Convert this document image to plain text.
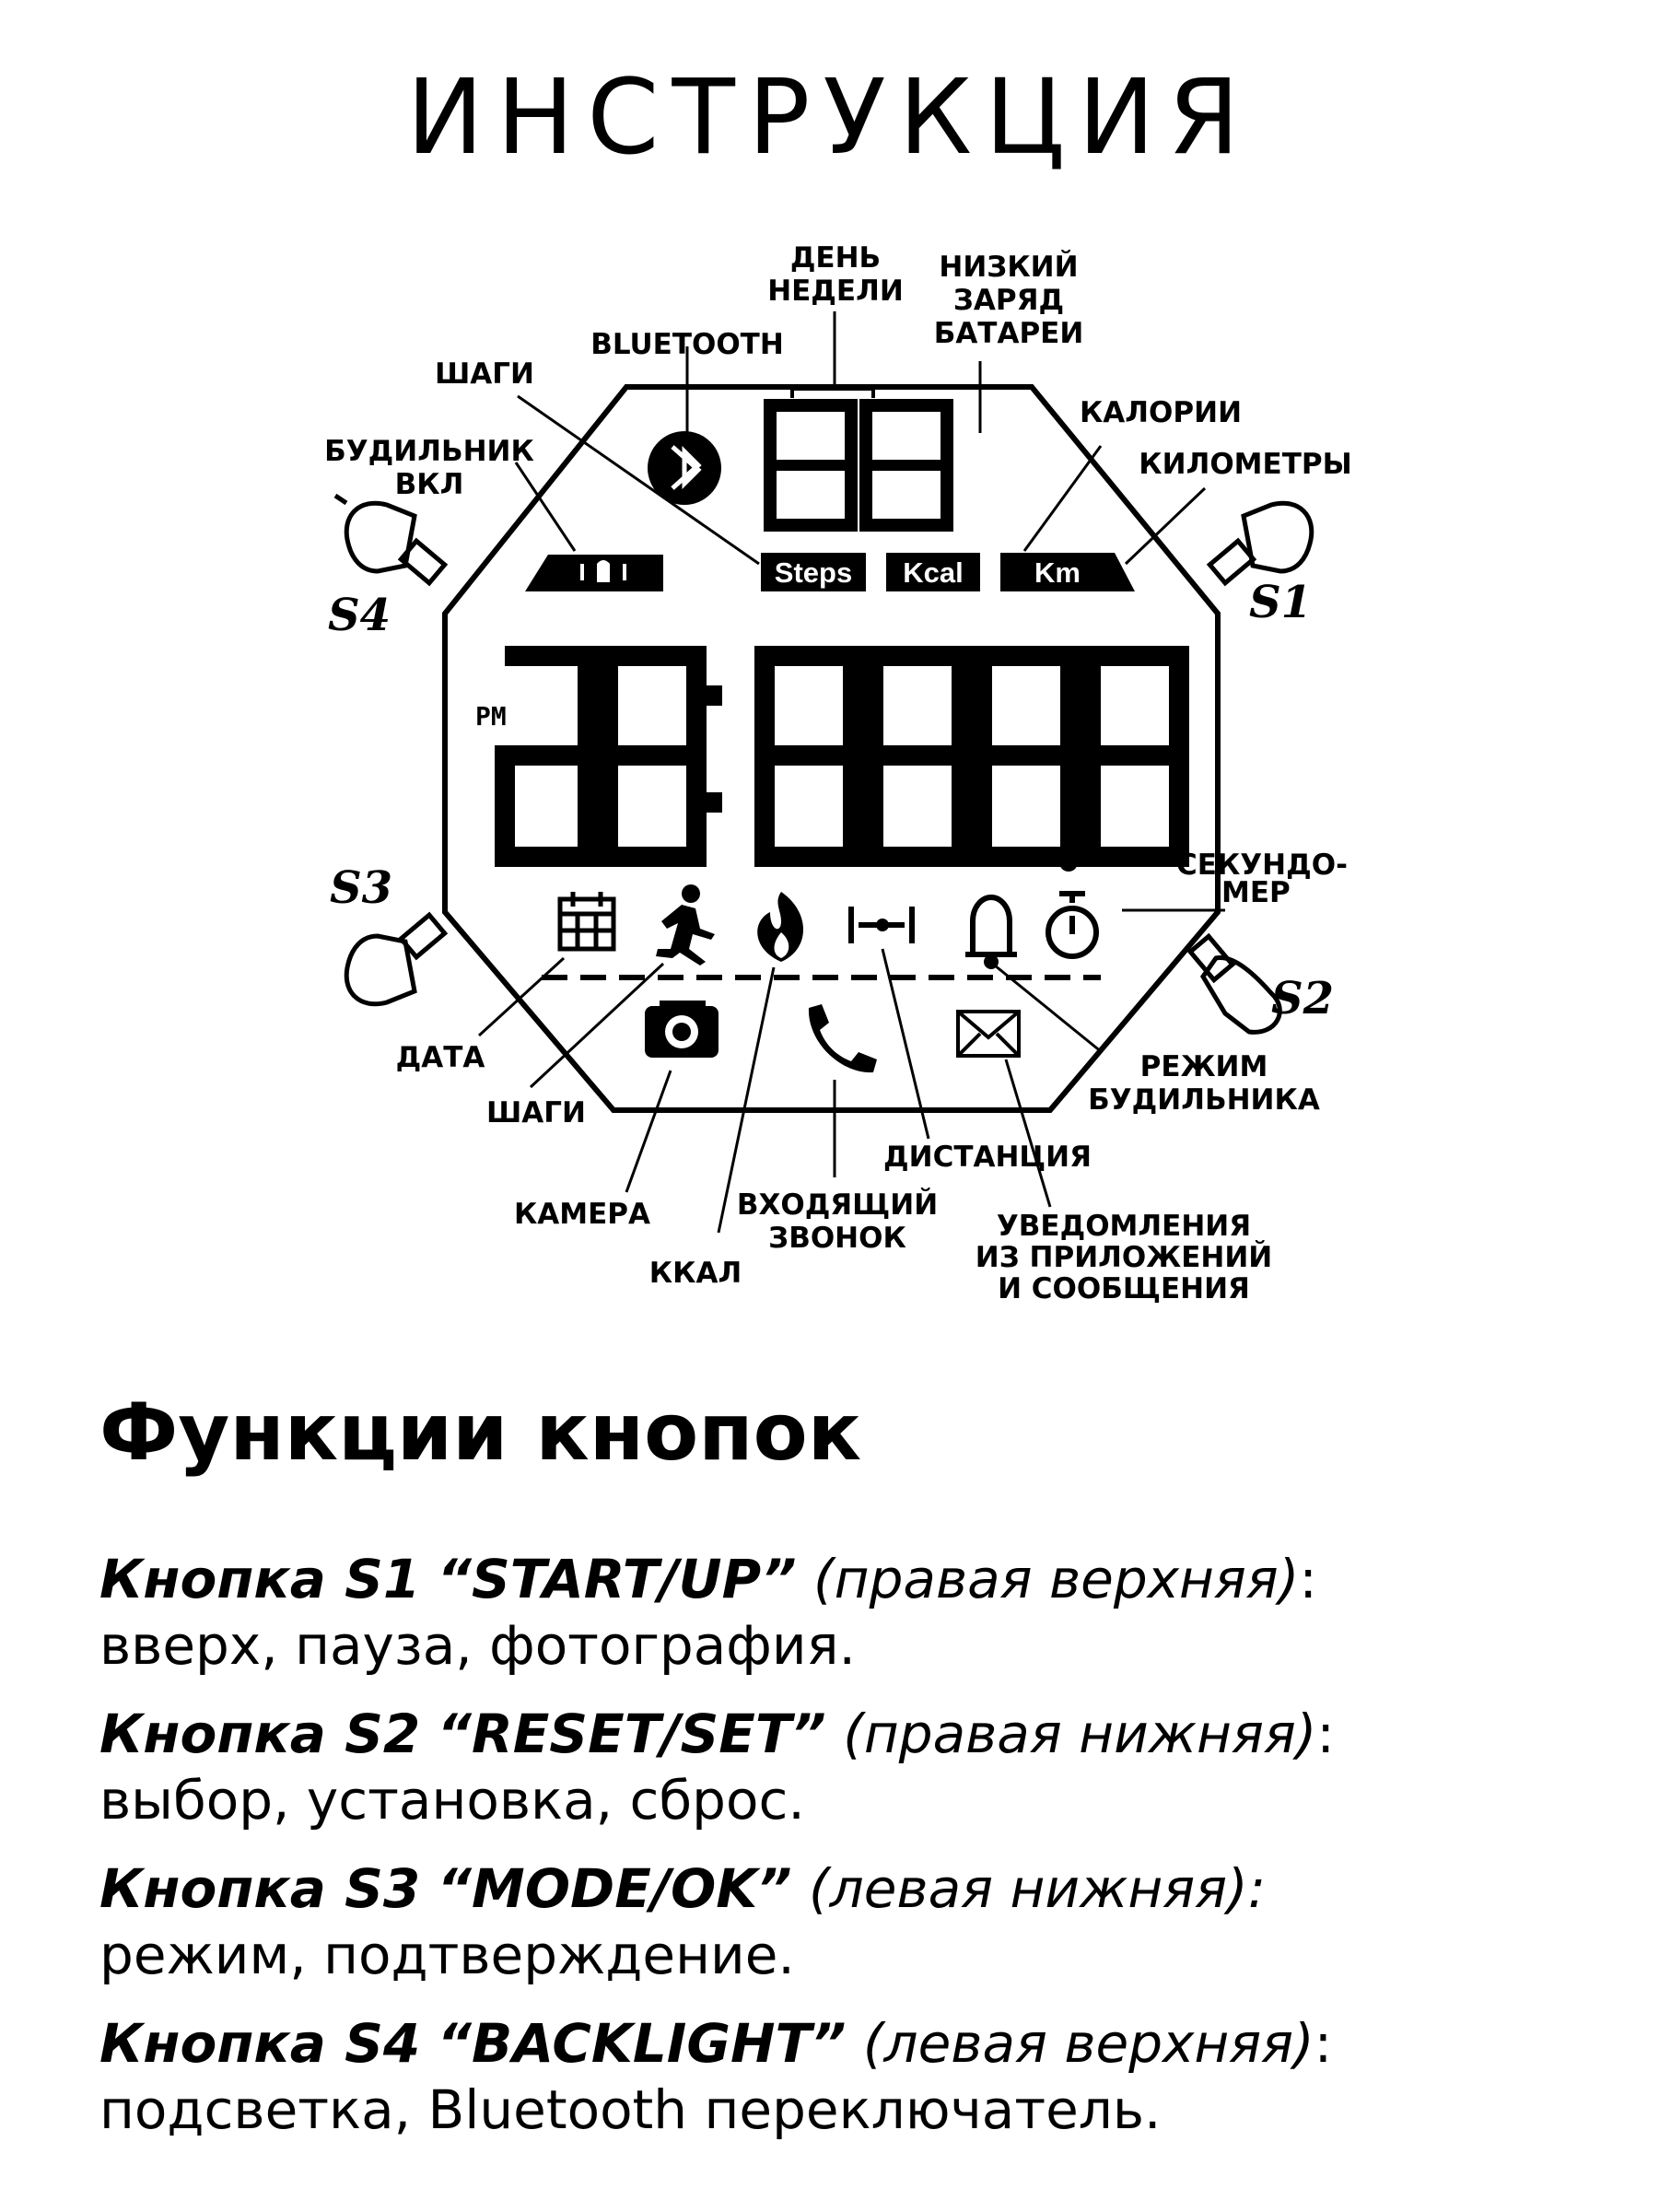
ИНСТРУКЦИЯ
PM
Steps	Kcal	Km
ДЕНЬ
НЕДЕЛИ
НИЗКИЙ
ЗАРЯД
БАТАРЕИ
BLUETOOTH
ШАГИ
БУДИЛЬНИК
ВКЛ
КАЛОРИИ
КИЛОМЕТРЫ
СЕКУНДО-
МЕР
ДАТА
ШАГИ
КАМЕРА
ККАЛ
ВХОДЯЩИЙ
ЗВОНОК
ДИСТАНЦИЯ
РЕЖИМ
БУДИЛЬНИКА
УВЕДОМЛЕНИЯ
ИЗ ПРИЛОЖЕНИЙ
И СООБЩЕНИЯ
S4	S1
S3
S2
Функции кнопок
Кнопка S1 “START/UP” (правая верхняя):
вверх, пауза, фотография.
Кнопка S2 “RESET/SET” (правая нижняя):
выбор, установка, сброс.
Кнопка S3 “MODE/OK” (левая нижняя):
режим, подтверждение.
Кнопка S4 “BACKLIGHT” (левая верхняя):
подсветка, Bluetooth переключатель.
